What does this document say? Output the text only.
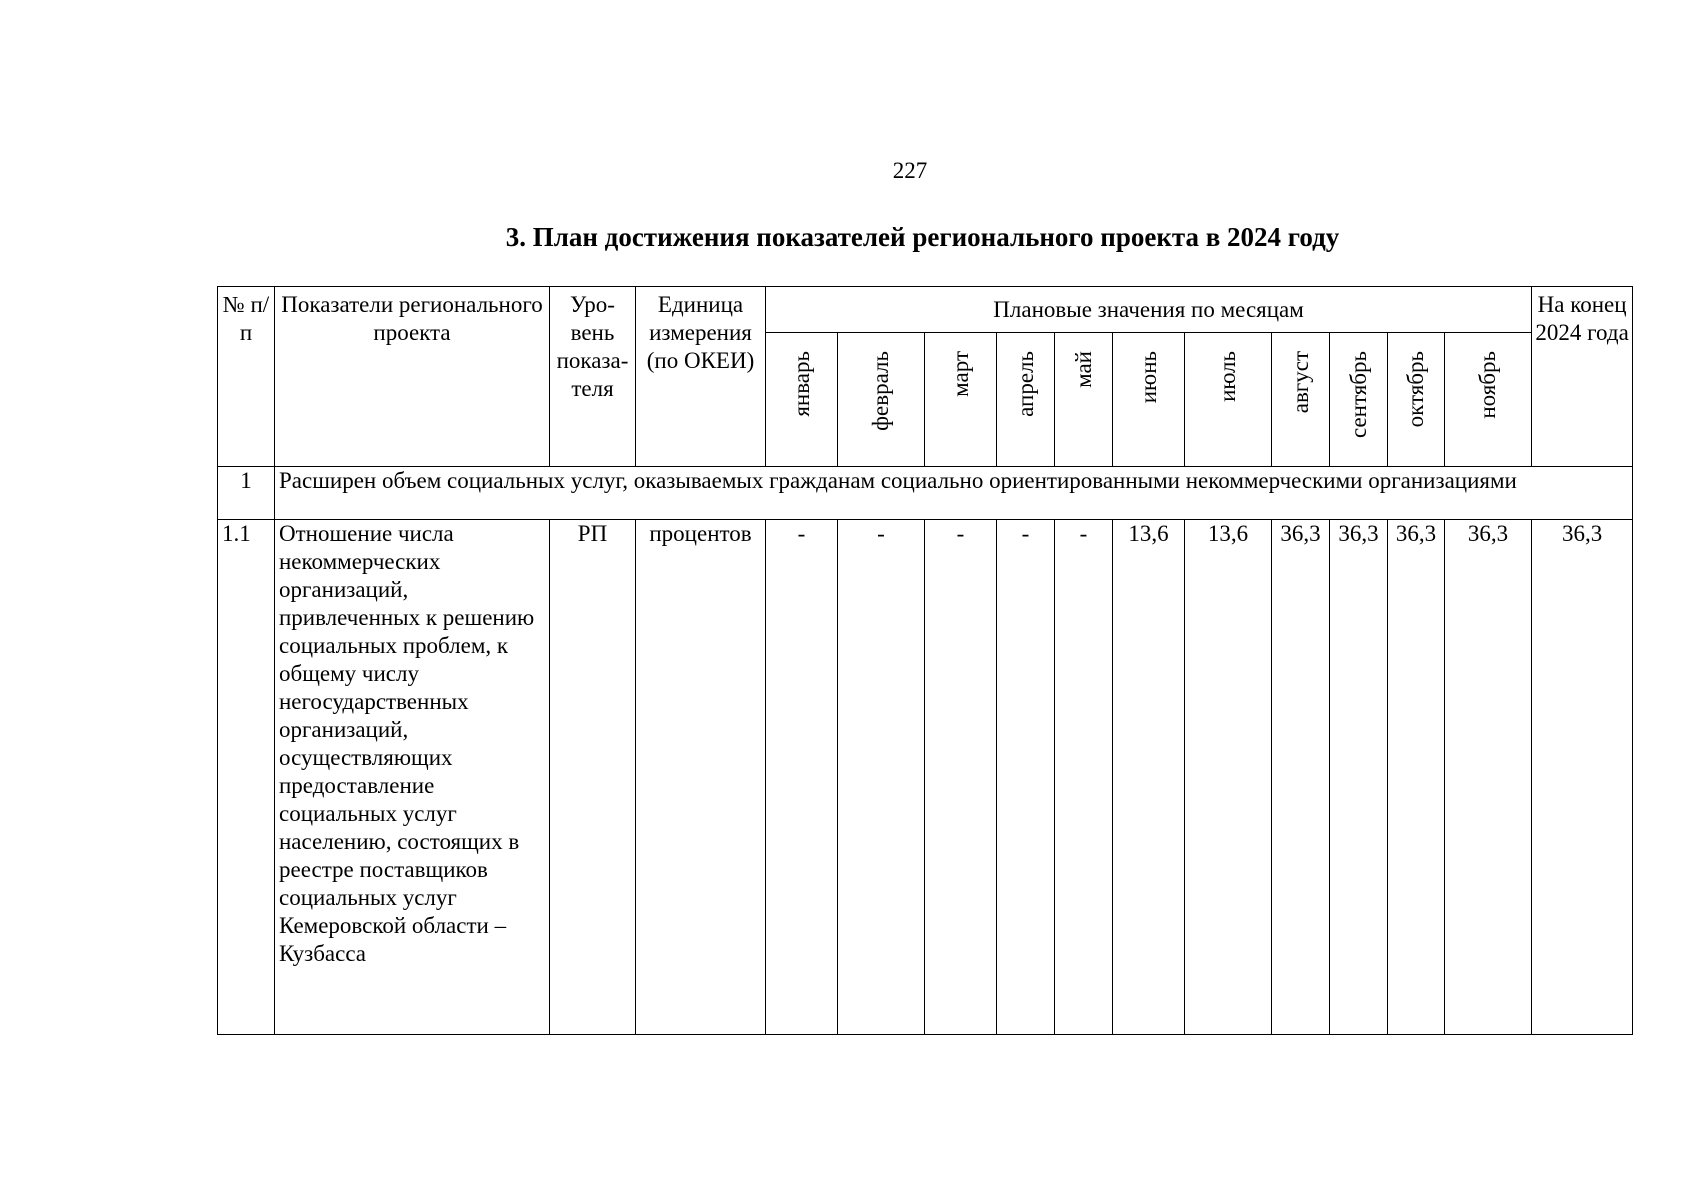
227
3. План достижения показателей регионального проекта в 2024 году
№ п/п	Показатели регионального проекта	Уро-вень показа-теля	Единица измерения (по ОКЕИ)	Плановые значения по месяцам											На конец 2024 года

				январь	февраль	март	апрель	май	июнь	июль	август	сентябрь	октябрь	ноябрь	

1	Расширен объем социальных услуг, оказываемых гражданам социально ориентированными некоммерческими организациями														
1.1	Отношение числа некоммерческих организаций, привлеченных к решению социальных проблем, к общему числу негосударственных организаций, осуществляющих предоставление социальных услуг населению, состоящих в реестре поставщиков социальных услуг Кемеровской области – Кузбасса	РП	процентов	-	-	-	-	-	13,6	13,6	36,3	36,3	36,3	36,3	36,3
